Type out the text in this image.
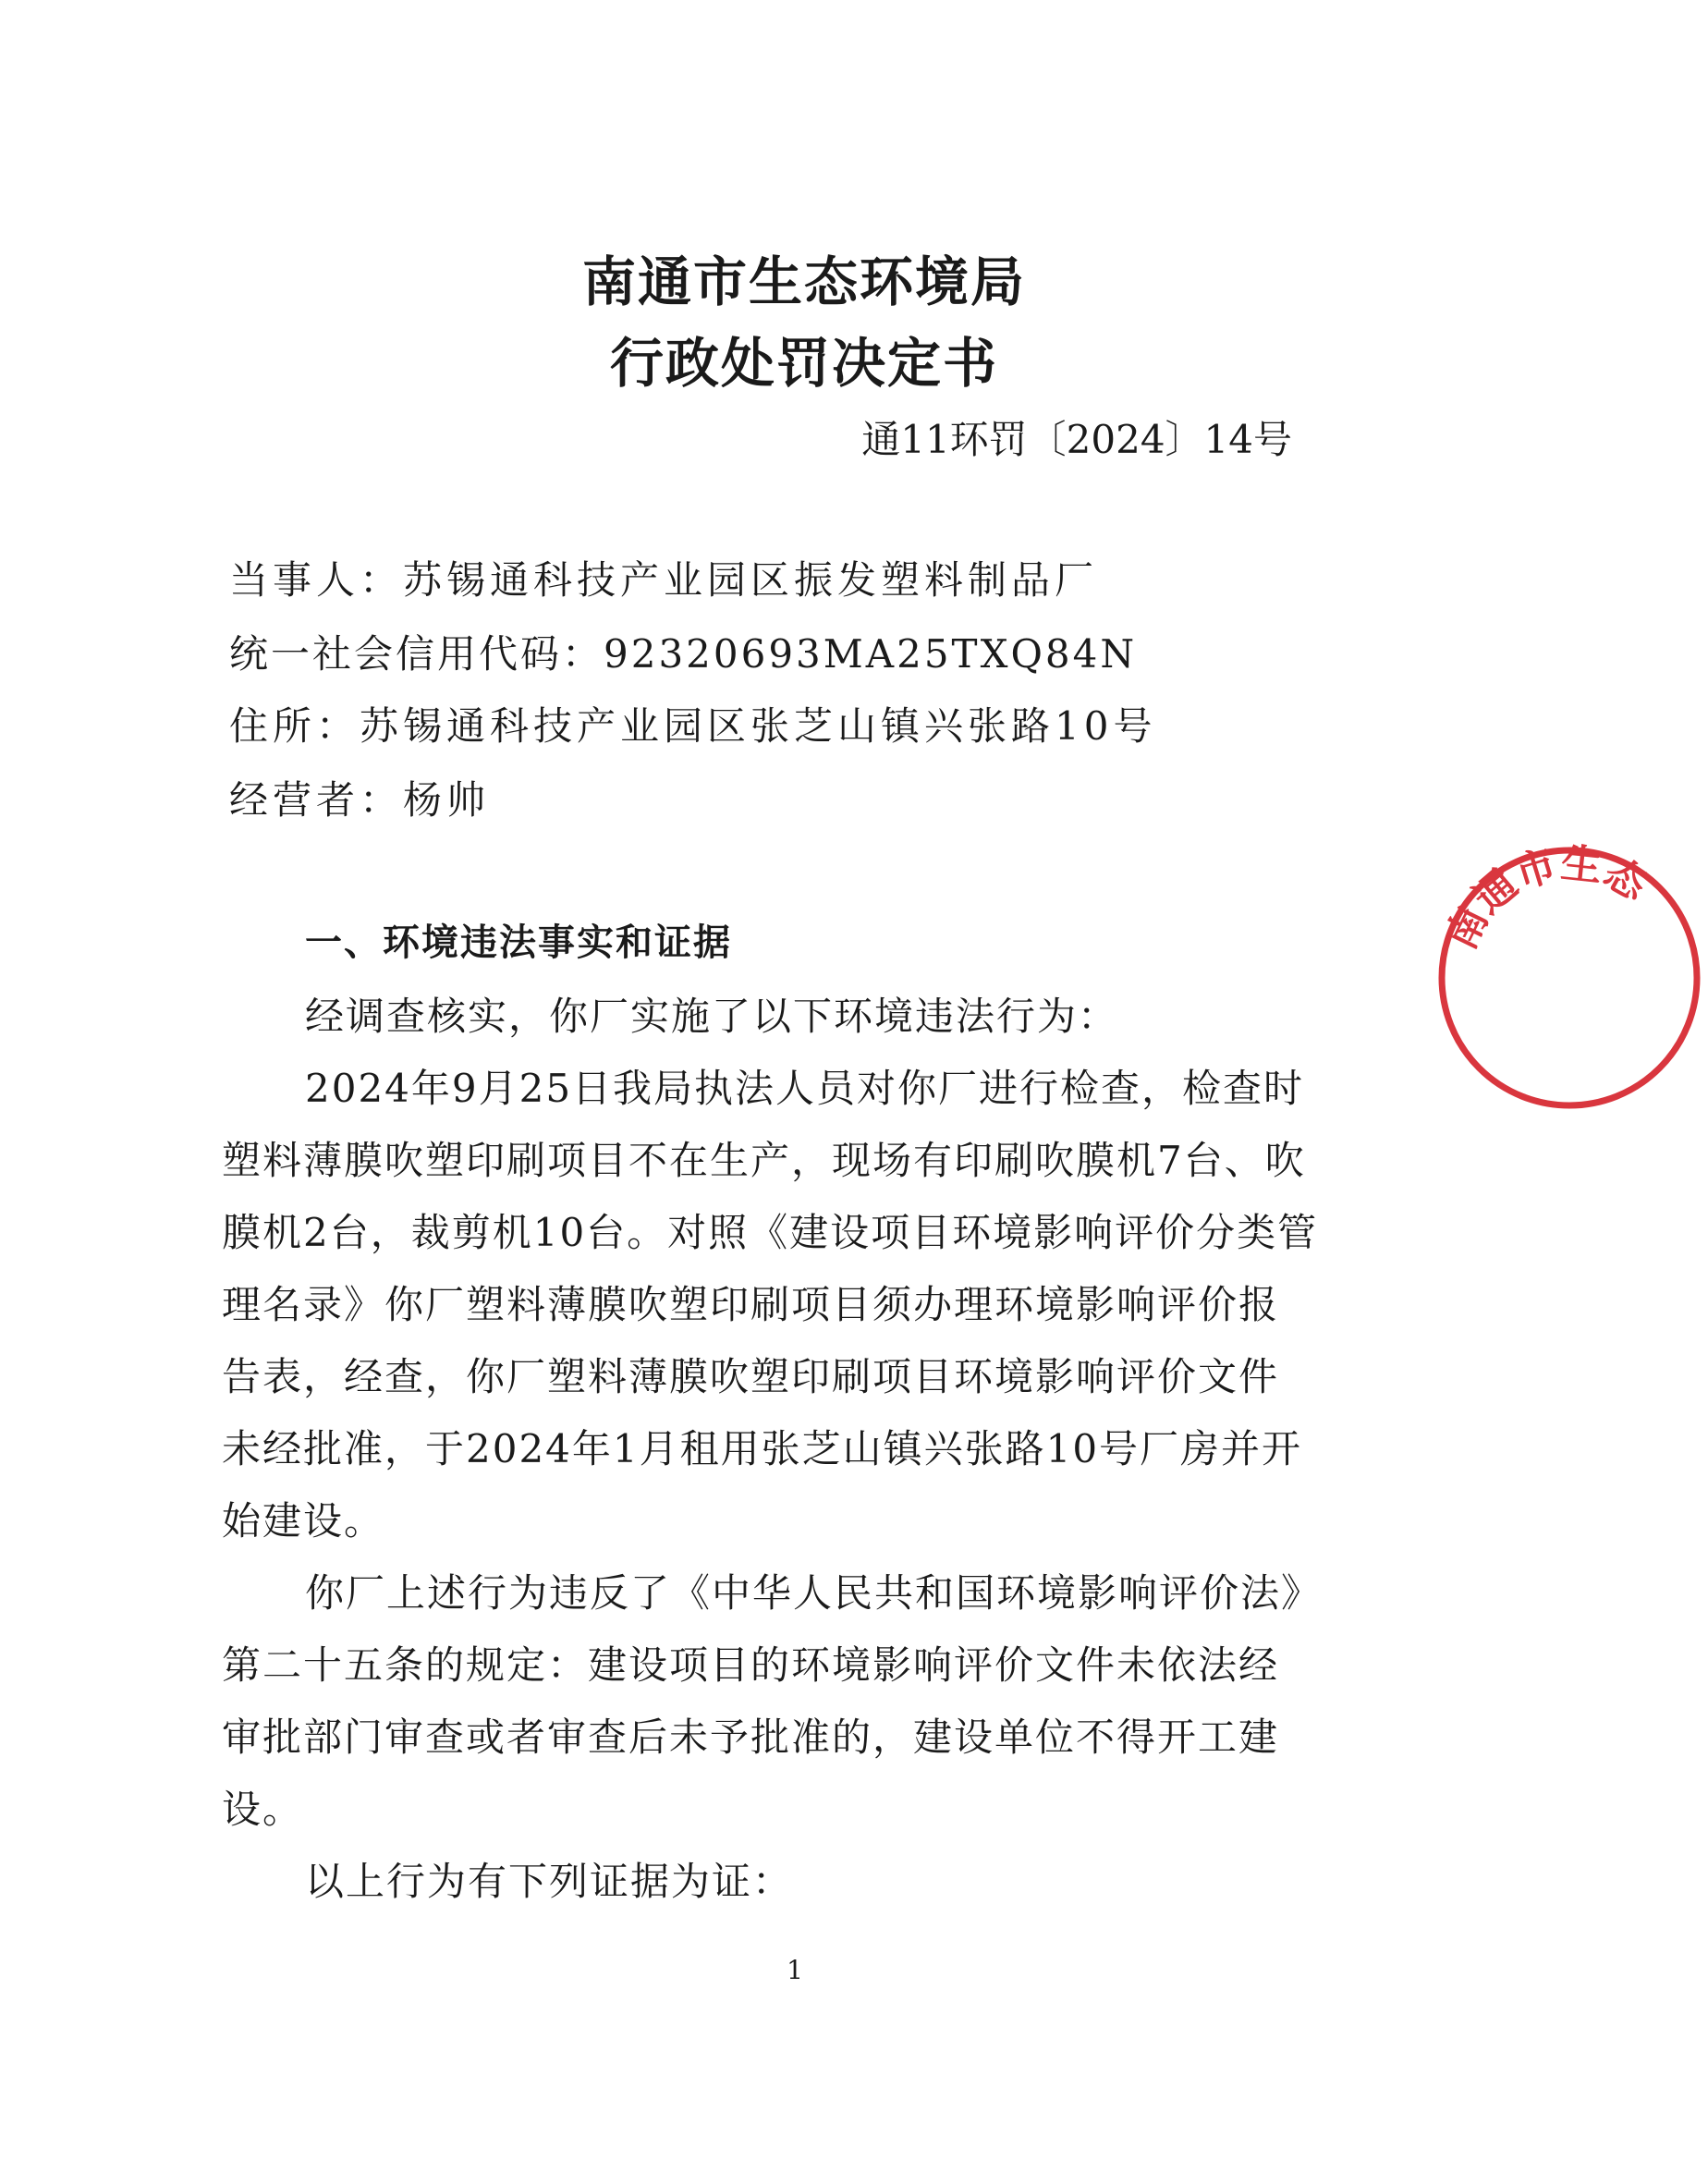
南通市生态环境局
行政处罚决定书
通11环罚〔2024〕14号
当事人：苏锡通科技产业园区振发塑料制品厂
统一社会信用代码：92320693MA25TXQ84N
住所：苏锡通科技产业园区张芝山镇兴张路10号
经营者：杨帅
一、环境违法事实和证据
经调查核实，你厂实施了以下环境违法行为：
2024年9月25日我局执法人员对你厂进行检查，检查时
塑料薄膜吹塑印刷项目不在生产，现场有印刷吹膜机7台、吹
膜机2台，裁剪机10台。对照《建设项目环境影响评价分类管
理名录》你厂塑料薄膜吹塑印刷项目须办理环境影响评价报
告表，经查，你厂塑料薄膜吹塑印刷项目环境影响评价文件
未经批准，于2024年1月租用张芝山镇兴张路10号厂房并开
始建设。
你厂上述行为违反了《中华人民共和国环境影响评价法》
第二十五条的规定：建设项目的环境影响评价文件未依法经
审批部门审查或者审查后未予批准的，建设单位不得开工建
设。
以上行为有下列证据为证：
1
南通市生态
